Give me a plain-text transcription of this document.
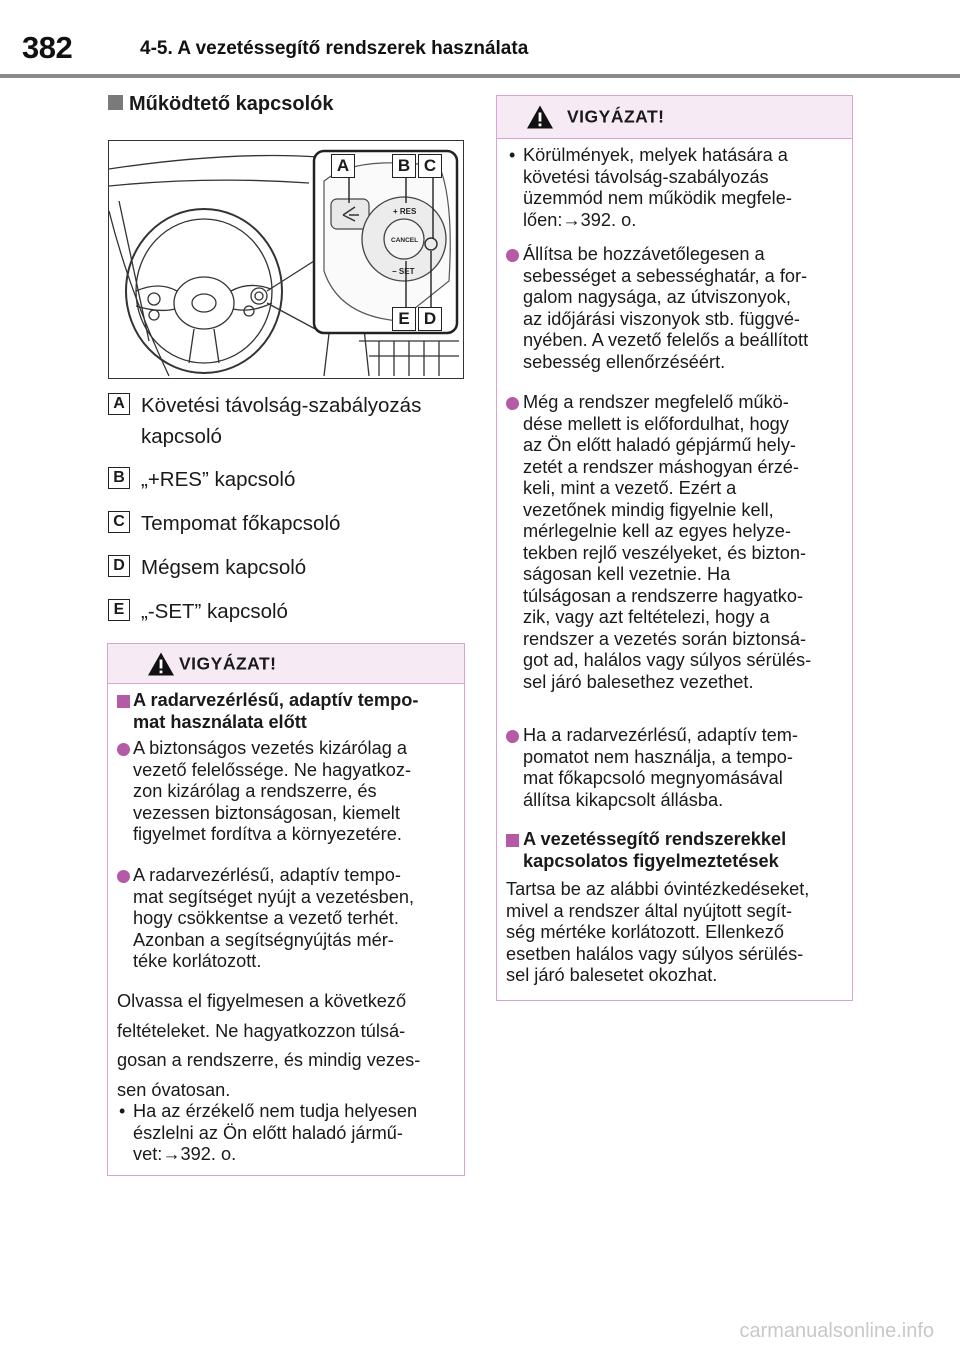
382	4-5. A vezetéssegítő rendszerek használata
Működtető kapcsolók
+ RES
CANCEL
− SET
A	B C
E D
A Követési távolság-szabályozás
kapcsoló
B „+RES” kapcsoló
C Tempomat főkapcsoló
D Mégsem kapcsoló
E „-SET” kapcsoló
VIGYÁZAT!
A radarvezérlésű, adaptív tempo-
mat használata előtt
A biztonságos vezetés kizárólag a
vezető felelőssége. Ne hagyatkoz-
zon kizárólag a rendszerre, és
vezessen biztonságosan, kiemelt
figyelmet fordítva a környezetére.
A radarvezérlésű, adaptív tempo-
mat segítséget nyújt a vezetésben,
hogy csökkentse a vezető terhét.
Azonban a segítségnyújtás mér-
téke korlátozott.
Olvassa el figyelmesen a következő
feltételeket. Ne hagyatkozzon túlsá-
gosan a rendszerre, és mindig vezes-
sen óvatosan.
• Ha az érzékelő nem tudja helyesen
észlelni az Ön előtt haladó jármű-
vet:→392. o.
VIGYÁZAT!
• Körülmények, melyek hatására a
követési távolság-szabályozás
üzemmód nem működik megfele-
lően:→392. o.
Állítsa be hozzávetőlegesen a
sebességet a sebességhatár, a for-
galom nagysága, az útviszonyok,
az időjárási viszonyok stb. függvé-
nyében. A vezető felelős a beállított
sebesség ellenőrzéséért.
Még a rendszer megfelelő műkö-
dése mellett is előfordulhat, hogy
az Ön előtt haladó gépjármű hely-
zetét a rendszer máshogyan érzé-
keli, mint a vezető. Ezért a
vezetőnek mindig figyelnie kell,
mérlegelnie kell az egyes helyze-
tekben rejlő veszélyeket, és bizton-
ságosan kell vezetnie. Ha
túlságosan a rendszerre hagyatko-
zik, vagy azt feltételezi, hogy a
rendszer a vezetés során biztonsá-
got ad, halálos vagy súlyos sérülés-
sel járó balesethez vezethet.
Ha a radarvezérlésű, adaptív tem-
pomatot nem használja, a tempo-
mat főkapcsoló megnyomásával
állítsa kikapcsolt állásba.
A vezetéssegítő rendszerekkel
kapcsolatos figyelmeztetések
Tartsa be az alábbi óvintézkedéseket,
mivel a rendszer által nyújtott segít-
ség mértéke korlátozott. Ellenkező
esetben halálos vagy súlyos sérülés-
sel járó balesetet okozhat.
carmanualsonline.info
